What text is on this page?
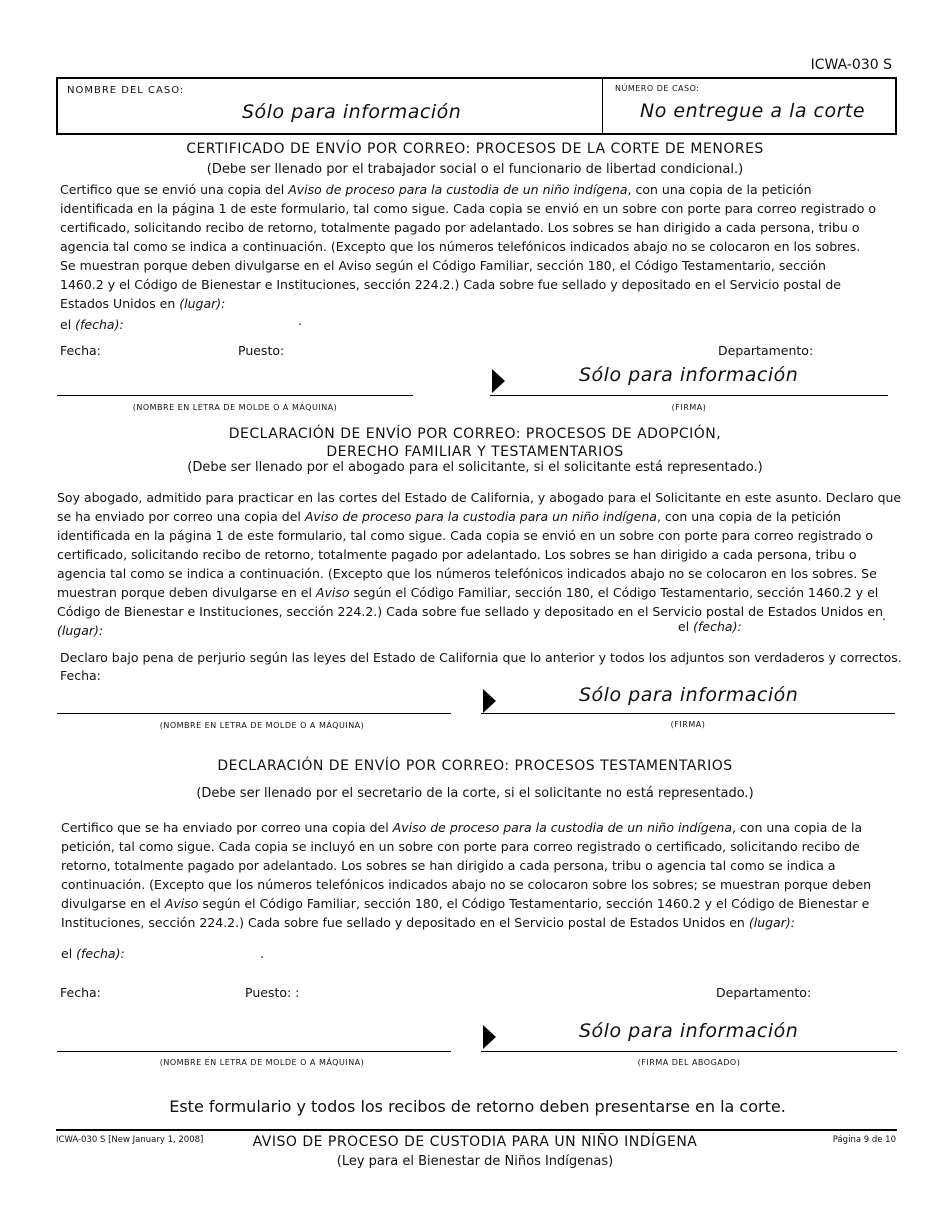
ICWA-030 S
NOMBRE DEL CASO:
Sólo para información
NÚMERO DE CASO:
No entregue a la corte
CERTIFICADO DE ENVÍO POR CORREO: PROCESOS DE LA CORTE DE MENORES
(Debe ser llenado por el trabajador social o el funcionario de libertad condicional.)
Certifico que se envió una copia del Aviso de proceso para la custodia de un niño indígena, con una copia de la petición
identificada en la página 1 de este formulario, tal como sigue. Cada copia se envió en un sobre con porte para correo registrado o
certificado, solicitando recibo de retorno, totalmente pagado por adelantado. Los sobres se han dirigido a cada persona, tribu o
agencia tal como se indica a continuación. (Excepto que los números telefónicos indicados abajo no se colocaron en los sobres.
Se muestran porque deben divulgarse en el Aviso según el Código Familiar, sección 180, el Código Testamentario, sección
1460.2 y el Código de Bienestar e Instituciones, sección 224.2.) Cada sobre fue sellado y depositado en el Servicio postal de
Estados Unidos en (lugar):
el (fecha):	.
Fecha:	Puesto:	Departamento:
Sólo para información
(NOMBRE EN LETRA DE MOLDE O A MÁQUINA)	(FIRMA)
DECLARACIÓN DE ENVÍO POR CORREO: PROCESOS DE ADOPCIÓN,
DERECHO FAMILIAR Y TESTAMENTARIOS
(Debe ser llenado por el abogado para el solicitante, si el solicitante está representado.)
Soy abogado, admitido para practicar en las cortes del Estado de California, y abogado para el Solicitante en este asunto. Declaro que
se ha enviado por correo una copia del Aviso de proceso para la custodia para un niño indígena, con una copia de la petición
identificada en la página 1 de este formulario, tal como sigue. Cada copia se envió en un sobre con porte para correo registrado o
certificado, solicitando recibo de retorno, totalmente pagado por adelantado. Los sobres se han dirigido a cada persona, tribu o
agencia tal como se indica a continuación. (Excepto que los números telefónicos indicados abajo no se colocaron en los sobres. Se
muestran porque deben divulgarse en el Aviso según el Código Familiar, sección 180, el Código Testamentario, sección 1460.2 y el
Código de Bienestar e Instituciones, sección 224.2.) Cada sobre fue sellado y depositado en el Servicio postal de Estados Unidos en
(lugar):	el (fecha):
.
Declaro bajo pena de perjurio según las leyes del Estado de California que lo anterior y todos los adjuntos son verdaderos y correctos.
Fecha:
Sólo para información
(NOMBRE EN LETRA DE MOLDE O A MÁQUINA)	(FIRMA)
DECLARACIÓN DE ENVÍO POR CORREO: PROCESOS TESTAMENTARIOS
(Debe ser llenado por el secretario de la corte, si el solicitante no está representado.)
Certifico que se ha enviado por correo una copia del Aviso de proceso para la custodia de un niño indígena, con una copia de la
petición, tal como sigue. Cada copia se incluyó en un sobre con porte para correo registrado o certificado, solicitando recibo de
retorno, totalmente pagado por adelantado. Los sobres se han dirigido a cada persona, tribu o agencia tal como se indica a
continuación. (Excepto que los números telefónicos indicados abajo no se colocaron sobre los sobres; se muestran porque deben
divulgarse en el Aviso según el Código Familiar, sección 180, el Código Testamentario, sección 1460.2 y el Código de Bienestar e
Instituciones, sección 224.2.) Cada sobre fue sellado y depositado en el Servicio postal de Estados Unidos en (lugar):
el (fecha):	.
Fecha:	Puesto: :	Departamento:
Sólo para información
(NOMBRE EN LETRA DE MOLDE O A MÁQUINA)	(FIRMA DEL ABOGADO)
Este formulario y todos los recibos de retorno deben presentarse en la corte.
ICWA-030 S [New January 1, 2008]	AVISO DE PROCESO DE CUSTODIA PARA UN NIÑO INDÍGENA
(Ley para el Bienestar de Niños Indígenas)
Página 9 de 10
